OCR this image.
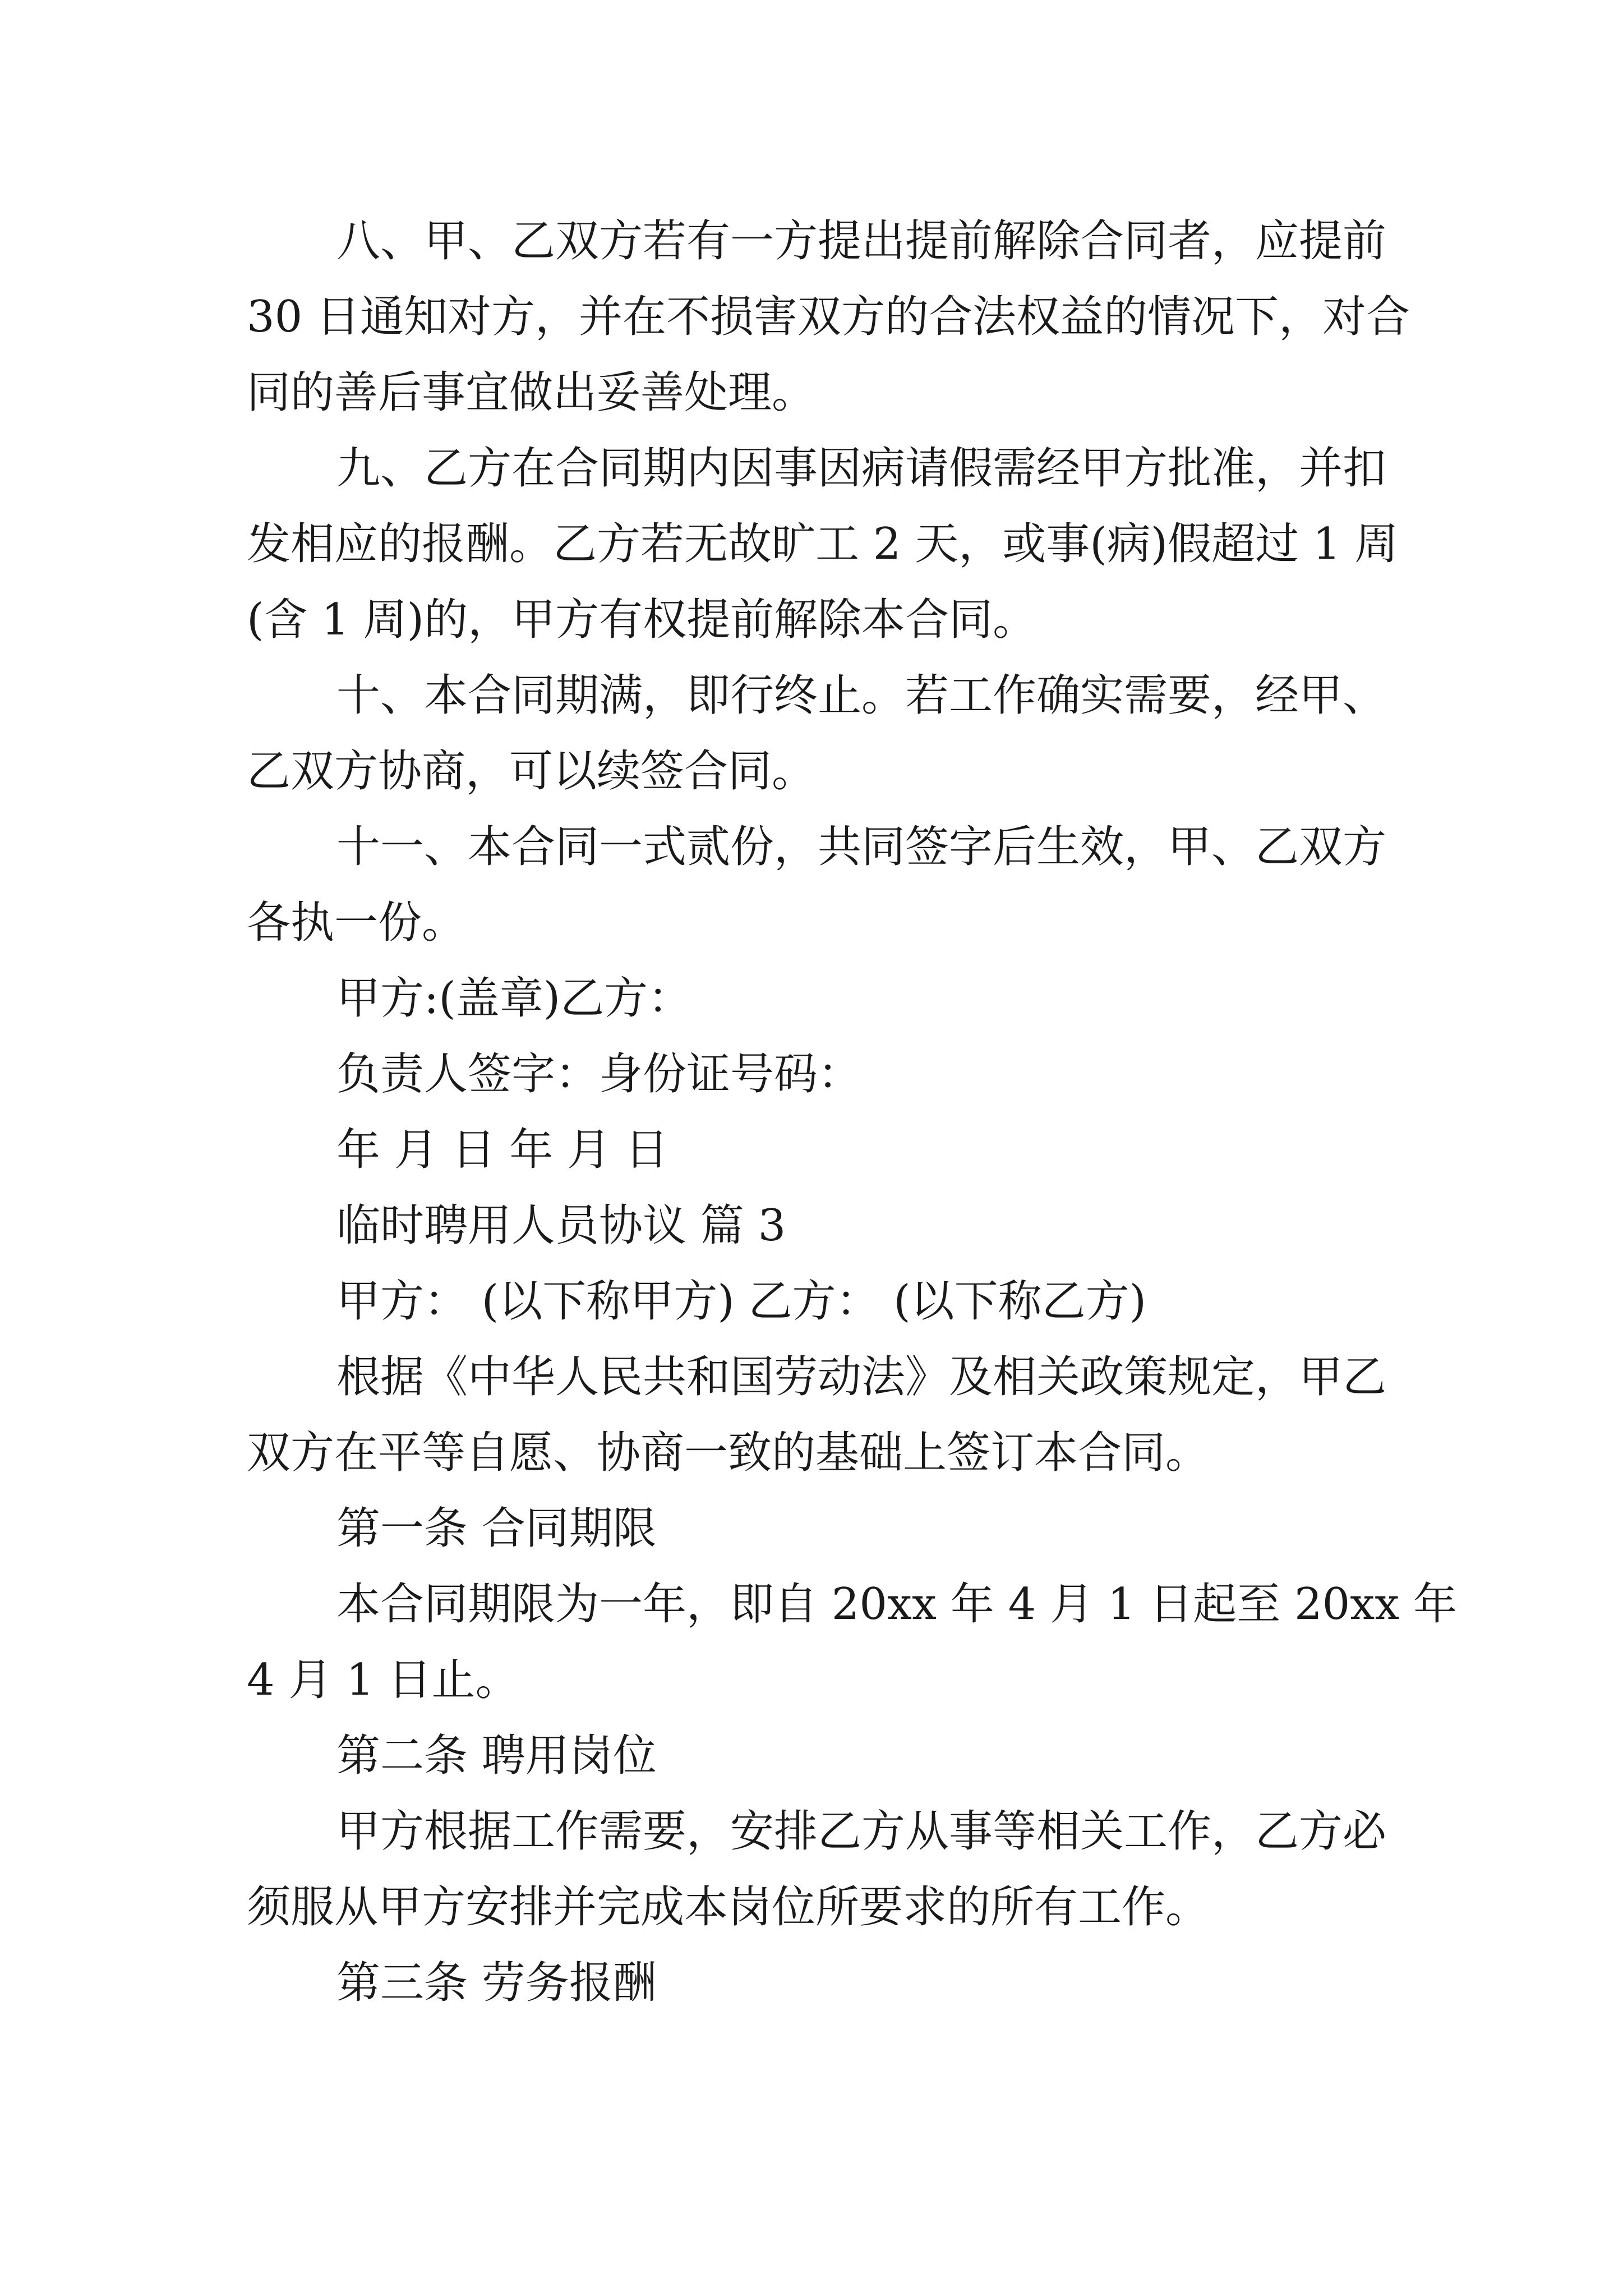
八、甲、乙双方若有一方提出提前解除合同者，应提前

30 日通知对方，并在不损害双方的合法权益的情况下，对合

同的善后事宜做出妥善处理。

九、乙方在合同期内因事因病请假需经甲方批准，并扣

发相应的报酬。乙方若无故旷工 2 天，或事(病)假超过 1 周

(含 1 周)的，甲方有权提前解除本合同。

十、本合同期满，即行终止。若工作确实需要，经甲、

乙双方协商，可以续签合同。

十一、本合同一式贰份，共同签字后生效，甲、乙双方

各执一份。

甲方:(盖章)乙方：

负责人签字：身份证号码：

年 月 日 年 月 日

临时聘用人员协议 篇 3

甲方： (以下称甲方) 乙方： (以下称乙方)

根据《中华人民共和国劳动法》及相关政策规定，甲乙

双方在平等自愿、协商一致的基础上签订本合同。

第一条 合同期限

本合同期限为一年，即自 20xx 年 4 月 1 日起至 20xx 年

4 月 1 日止。

第二条 聘用岗位

甲方根据工作需要，安排乙方从事等相关工作，乙方必

须服从甲方安排并完成本岗位所要求的所有工作。

第三条 劳务报酬
